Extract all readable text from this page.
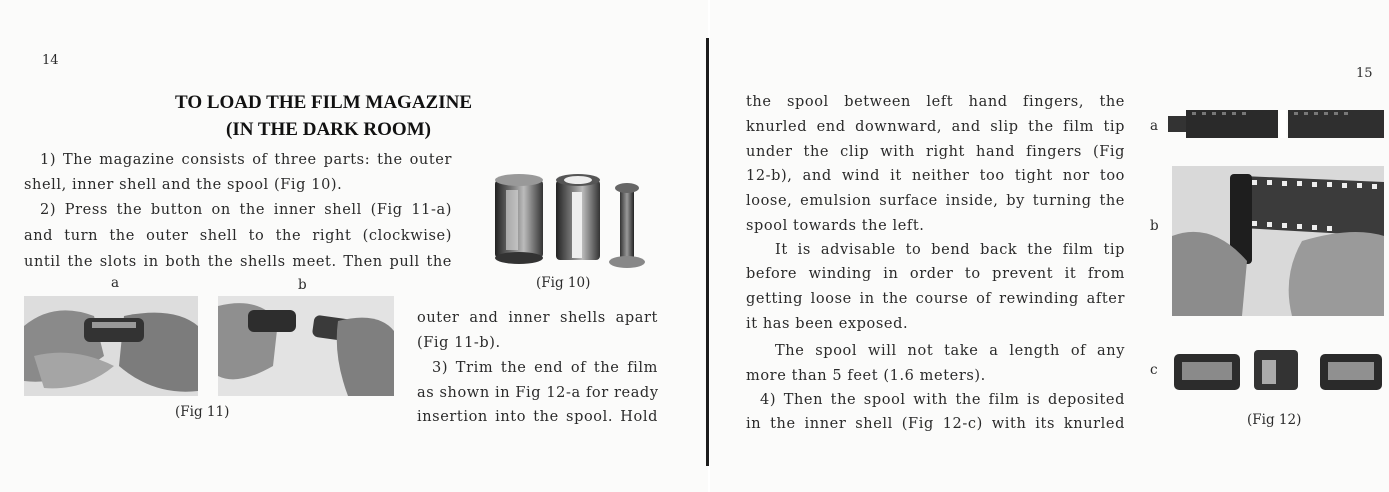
14
TO LOAD THE FILM MAGAZINE
(IN THE DARK ROOM)
1) The magazine consists of three parts: the outer
shell, inner shell and the spool (Fig 10).
2) Press the button on the inner shell (Fig 11-a)
and turn the outer shell to the right (clockwise)
until the slots in both the shells meet. Then pull the
(Fig 10)
a	b
(Fig 11)
outer and inner shells apart
(Fig 11-b).
3) Trim the end of the film
as shown in Fig 12-a for ready
insertion into the spool. Hold
15
the spool between left hand fingers, the
knurled end downward, and slip the film tip
under the clip with right hand fingers (Fig
12-b), and wind it neither too tight nor too
loose, emulsion surface inside, by turning the
spool towards the left.
It is advisable to bend back the film tip
before winding in order to prevent it from
getting loose in the course of rewinding after
it has been exposed.
The spool will not take a length of any
more than 5 feet (1.6 meters).
4) Then the spool with the film is deposited
in the inner shell (Fig 12-c) with its knurled
a
b
c
(Fig 12)
